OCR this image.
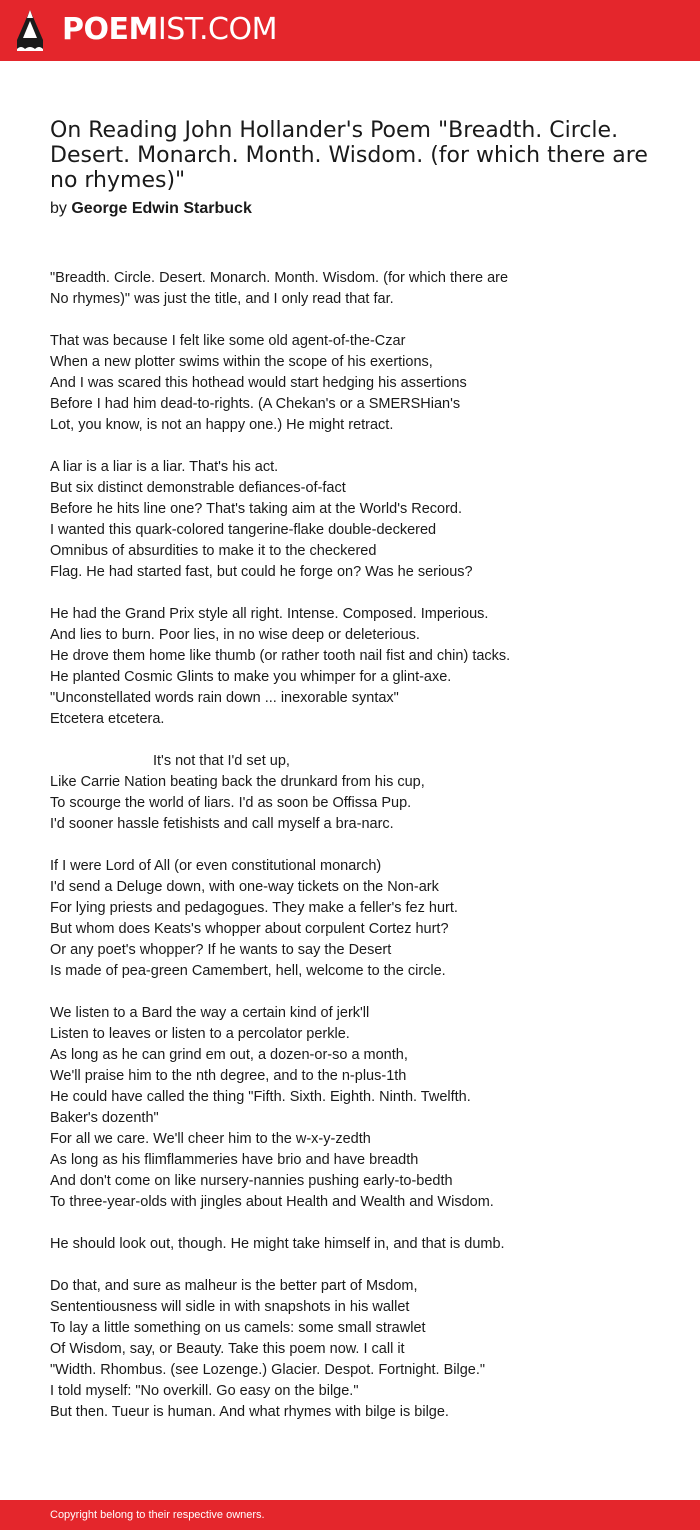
POEMIST.COM
On Reading John Hollander's Poem "Breadth. Circle. Desert. Monarch. Month. Wisdom. (for which there are no rhymes)"
by George Edwin Starbuck
"Breadth. Circle. Desert. Monarch. Month. Wisdom. (for which there are
No rhymes)" was just the title, and I only read that far.
That was because I felt like some old agent-of-the-Czar
When a new plotter swims within the scope of his exertions,
And I was scared this hothead would start hedging his assertions
Before I had him dead-to-rights. (A Chekan's or a SMERSHian's
Lot, you know, is not an happy one.) He might retract.
A liar is a liar is a liar. That's his act.
But six distinct demonstrable defiances-of-fact
Before he hits line one? That's taking aim at the World's Record.
I wanted this quark-colored tangerine-flake double-deckered
Omnibus of absurdities to make it to the checkered
Flag. He had started fast, but could he forge on? Was he serious?
He had the Grand Prix style all right. Intense. Composed. Imperious.
And lies to burn. Poor lies, in no wise deep or deleterious.
He drove them home like thumb (or rather tooth nail fist and chin) tacks.
He planted Cosmic Glints to make you whimper for a glint-axe.
"Unconstellated words rain down ... inexorable syntax"
Etcetera etcetera.
It's not that I'd set up,
Like Carrie Nation beating back the drunkard from his cup,
To scourge the world of liars. I'd as soon be Offissa Pup.
I'd sooner hassle fetishists and call myself a bra-narc.
If I were Lord of All (or even constitutional monarch)
I'd send a Deluge down, with one-way tickets on the Non-ark
For lying priests and pedagogues. They make a feller's fez hurt.
But whom does Keats's whopper about corpulent Cortez hurt?
Or any poet's whopper? If he wants to say the Desert
Is made of pea-green Camembert, hell, welcome to the circle.
We listen to a Bard the way a certain kind of jerk'll
Listen to leaves or listen to a percolator perkle.
As long as he can grind em out, a dozen-or-so a month,
We'll praise him to the nth degree, and to the n-plus-1th
He could have called the thing "Fifth. Sixth. Eighth. Ninth. Twelfth.
Baker's dozenth"
For all we care. We'll cheer him to the w-x-y-zedth
As long as his flimflammeries have brio and have breadth
And don't come on like nursery-nannies pushing early-to-bedth
To three-year-olds with jingles about Health and Wealth and Wisdom.
He should look out, though. He might take himself in, and that is dumb.
Do that, and sure as malheur is the better part of Msdom,
Sententiousness will sidle in with snapshots in his wallet
To lay a little something on us camels: some small strawlet
Of Wisdom, say, or Beauty. Take this poem now. I call it
"Width. Rhombus. (see Lozenge.) Glacier. Despot. Fortnight. Bilge."
I told myself: "No overkill. Go easy on the bilge."
But then. Tueur is human. And what rhymes with bilge is bilge.
Copyright belong to their respective owners.
